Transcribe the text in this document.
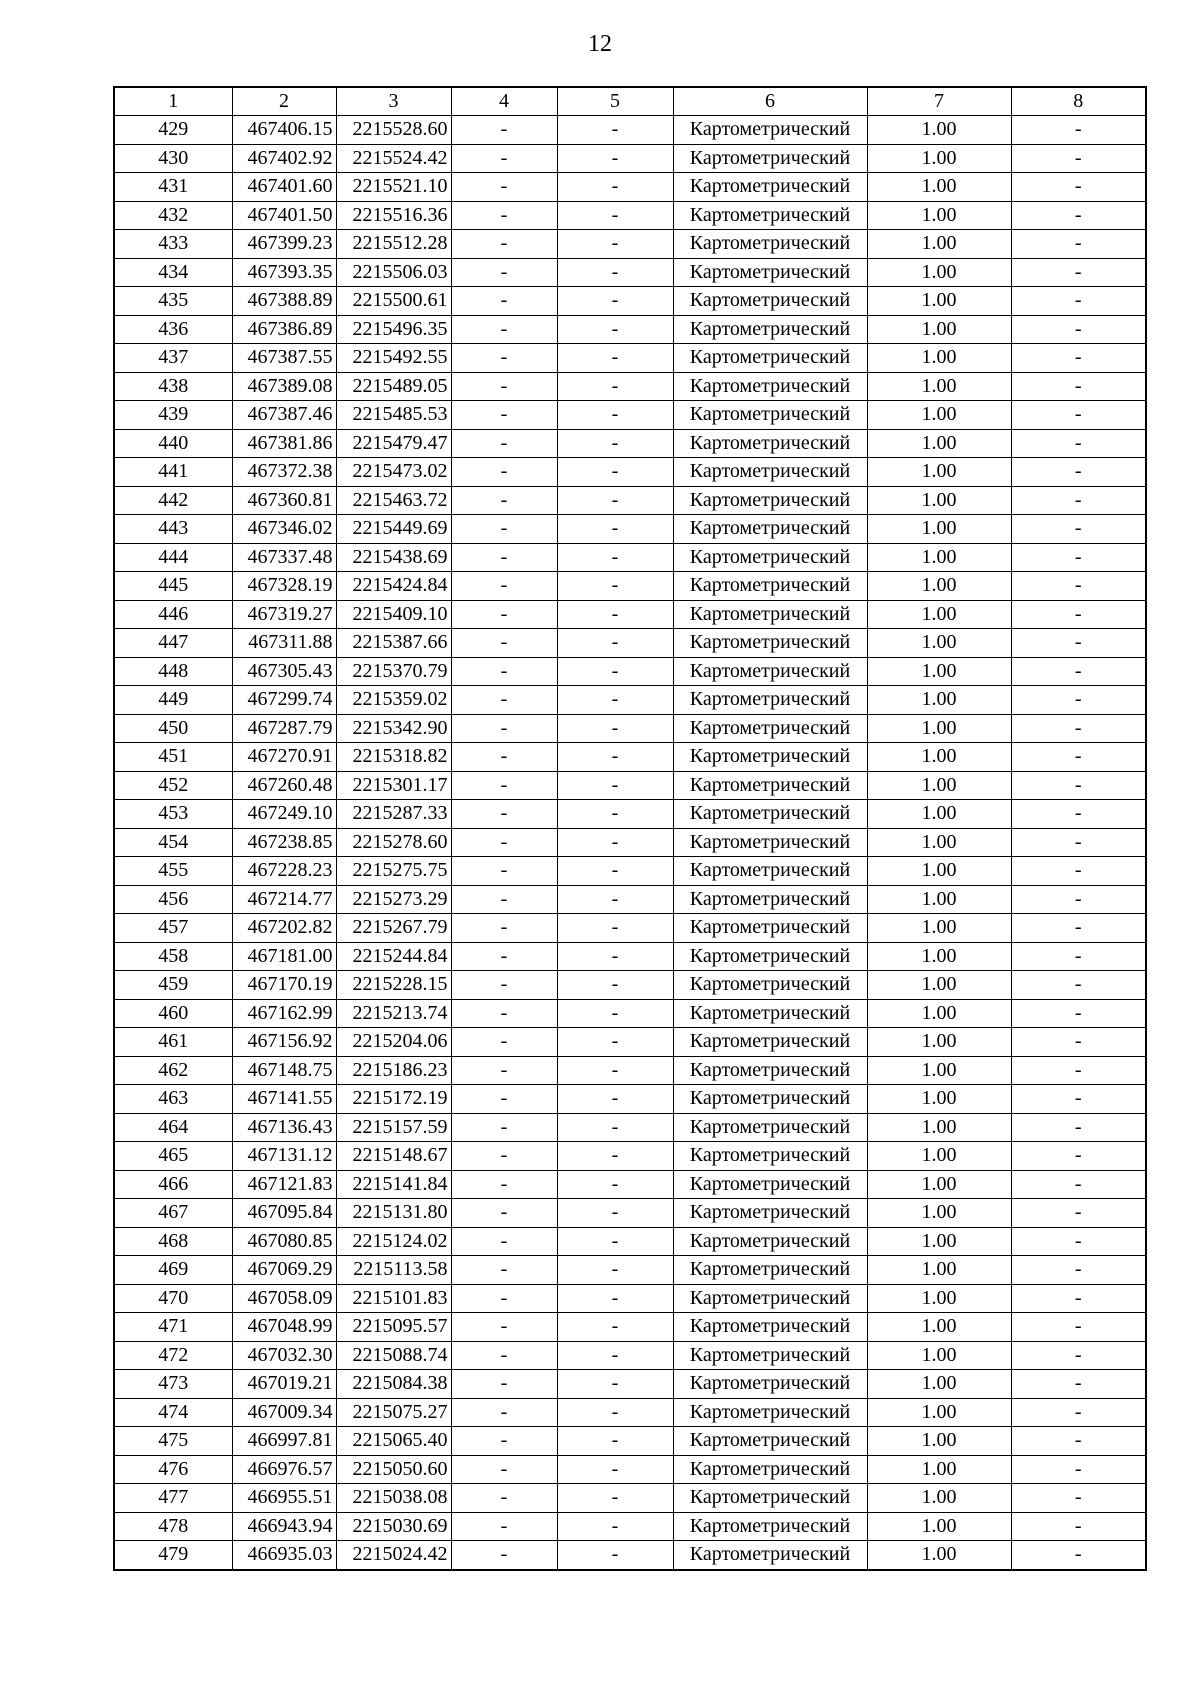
12
1	2	3	4	5	6	7	8
429	467406.15	2215528.60	-	-	Картометрический	1.00	-
430	467402.92	2215524.42	-	-	Картометрический	1.00	-
431	467401.60	2215521.10	-	-	Картометрический	1.00	-
432	467401.50	2215516.36	-	-	Картометрический	1.00	-
433	467399.23	2215512.28	-	-	Картометрический	1.00	-
434	467393.35	2215506.03	-	-	Картометрический	1.00	-
435	467388.89	2215500.61	-	-	Картометрический	1.00	-
436	467386.89	2215496.35	-	-	Картометрический	1.00	-
437	467387.55	2215492.55	-	-	Картометрический	1.00	-
438	467389.08	2215489.05	-	-	Картометрический	1.00	-
439	467387.46	2215485.53	-	-	Картометрический	1.00	-
440	467381.86	2215479.47	-	-	Картометрический	1.00	-
441	467372.38	2215473.02	-	-	Картометрический	1.00	-
442	467360.81	2215463.72	-	-	Картометрический	1.00	-
443	467346.02	2215449.69	-	-	Картометрический	1.00	-
444	467337.48	2215438.69	-	-	Картометрический	1.00	-
445	467328.19	2215424.84	-	-	Картометрический	1.00	-
446	467319.27	2215409.10	-	-	Картометрический	1.00	-
447	467311.88	2215387.66	-	-	Картометрический	1.00	-
448	467305.43	2215370.79	-	-	Картометрический	1.00	-
449	467299.74	2215359.02	-	-	Картометрический	1.00	-
450	467287.79	2215342.90	-	-	Картометрический	1.00	-
451	467270.91	2215318.82	-	-	Картометрический	1.00	-
452	467260.48	2215301.17	-	-	Картометрический	1.00	-
453	467249.10	2215287.33	-	-	Картометрический	1.00	-
454	467238.85	2215278.60	-	-	Картометрический	1.00	-
455	467228.23	2215275.75	-	-	Картометрический	1.00	-
456	467214.77	2215273.29	-	-	Картометрический	1.00	-
457	467202.82	2215267.79	-	-	Картометрический	1.00	-
458	467181.00	2215244.84	-	-	Картометрический	1.00	-
459	467170.19	2215228.15	-	-	Картометрический	1.00	-
460	467162.99	2215213.74	-	-	Картометрический	1.00	-
461	467156.92	2215204.06	-	-	Картометрический	1.00	-
462	467148.75	2215186.23	-	-	Картометрический	1.00	-
463	467141.55	2215172.19	-	-	Картометрический	1.00	-
464	467136.43	2215157.59	-	-	Картометрический	1.00	-
465	467131.12	2215148.67	-	-	Картометрический	1.00	-
466	467121.83	2215141.84	-	-	Картометрический	1.00	-
467	467095.84	2215131.80	-	-	Картометрический	1.00	-
468	467080.85	2215124.02	-	-	Картометрический	1.00	-
469	467069.29	2215113.58	-	-	Картометрический	1.00	-
470	467058.09	2215101.83	-	-	Картометрический	1.00	-
471	467048.99	2215095.57	-	-	Картометрический	1.00	-
472	467032.30	2215088.74	-	-	Картометрический	1.00	-
473	467019.21	2215084.38	-	-	Картометрический	1.00	-
474	467009.34	2215075.27	-	-	Картометрический	1.00	-
475	466997.81	2215065.40	-	-	Картометрический	1.00	-
476	466976.57	2215050.60	-	-	Картометрический	1.00	-
477	466955.51	2215038.08	-	-	Картометрический	1.00	-
478	466943.94	2215030.69	-	-	Картометрический	1.00	-
479	466935.03	2215024.42	-	-	Картометрический	1.00	-
